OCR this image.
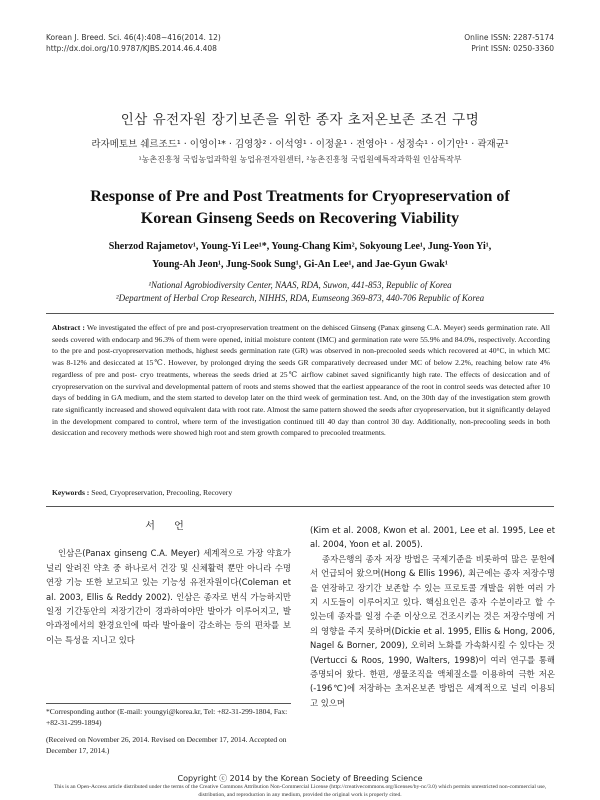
Korean J. Breed. Sci. 46(4):408~416(2014. 12)
http://dx.doi.org/10.9787/KJBS.2014.46.4.408
Online ISSN: 2287-5174
Print ISSN: 0250-3360
인삼 유전자원 장기보존을 위한 종자 초저온보존 조건 구명
라자메토브 쉐르조드¹ · 이영이¹* · 김영창² · 이석영¹ · 이정윤¹ · 전영아¹ · 성정숙¹ · 이기안¹ · 곽재균¹
¹농촌진흥청 국립농업과학원 농업유전자원센터, ²농촌진흥청 국립원예특작과학원 인삼특작부
Response of Pre and Post Treatments for Cryopreservation of
Korean Ginseng Seeds on Recovering Viability
Sherzod Rajametov¹, Young-Yi Lee¹*, Young-Chang Kim², Sokyoung Lee¹, Jung-Yoon Yi¹,
Young-Ah Jeon¹, Jung-Sook Sung¹, Gi-An Lee¹, and Jae-Gyun Gwak¹
¹National Agrobiodiversity Center, NAAS, RDA, Suwon, 441-853, Republic of Korea
²Department of Herbal Crop Research, NIHHS, RDA, Eumseong 369-873, 440-706 Republic of Korea
Abstract : We investigated the effect of pre and post-cryopreservation treatment on the dehisced Ginseng (Panax ginseng C.A. Meyer) seeds germination rate. All seeds covered with endocarp and 96.3% of them were opened, initial moisture content (IMC) and germination rate were 55.9% and 84.0%, respectively. According to the pre and post-cryopreservation methods, highest seeds germination rate (GR) was observed in non-precooled seeds which recovered at 40°C, in which MC was 8-12% and desiccated at 15℃. However, by prolonged drying the seeds GR comparatively decreased under MC of below 2.2%, reaching below rate 4% regardless of pre and post- cryo treatments, whereas the seeds dried at 25℃ airflow cabinet saved significantly high rate. The effects of desiccation and of cryopreservation on the survival and developmental pattern of roots and stems showed that the earliest appearance of the root in control seeds was detected after 10 days of bedding in GA medium, and the stem started to develop later on the third week of germination test. And, on the 30th day of the investigation stem growth rate significantly increased and showed equivalent data with root rate. Almost the same pattern showed the seeds after cryopreservation, but it significantly delayed in the development compared to control, where term of the investigation continued till 40 day than control 30 day. Additionally, non-precooling seeds in both desiccation and recovery methods were showed high root and stem growth compared to precooled treatments.
Keywords : Seed, Cryopreservation, Precooling, Recovery
서 언

인삼은(Panax ginseng C.A. Meyer) 세계적으로 가장 약효가 널리 알려진 약초 중 하나로서 건강 및 신체활력 뿐만 아니라 수명연장 기능 또한 보고되고 있는 기능성 유전자원이다(Coleman et al. 2003, Ellis & Reddy 2002). 인삼은 종자로 번식 가능하지만 일정 기간동안의 저장기간이 경과하여야만 발아가 이루어지고, 발아과정에서의 환경요인에 따라 발아율이 감소하는 등의 편차를 보이는 특성을 지니고 있다

*Corresponding author (E-mail: youngyi@korea.kr, Tel: +82-31-299-1804, Fax: +82-31-299-1894)
(Received on November 26, 2014. Revised on December 17, 2014. Accepted on December 17, 2014.)

(Kim et al. 2008, Kwon et al. 2001, Lee et al. 1995, Lee et al. 2004, Yoon et al. 2005).

종자은행의 종자 저장 방법은 국제기준을 비롯하여 많은 문헌에서 언급되어 왔으며(Hong & Ellis 1996), 최근에는 종자 저장수명을 연장하고 장기간 보존할 수 있는 프로토콜 개발을 위한 여러 가지 시도들이 이루어지고 있다. 핵심요인은 종자 수분이라고 할 수 있는데 종자를 일정 수준 이상으로 건조시키는 것은 저장수명에 거의 영향을 주지 못하며(Dickie et al. 1995, Ellis & Hong, 2006, Nagel & Borner, 2009), 오히려 노화를 가속화시킬 수 있다는 것(Vertucci & Roos, 1990, Walters, 1998)이 여러 연구를 통해 증명되어 왔다. 한편, 생물조직을 액체질소를 이용하여 극한 저온(-196℃)에 저장하는 초저온보존 방법은 세계적으로 널리 이용되고 있으며

Copyright ⓒ 2014 by the Korean Society of Breeding Science
This is an Open-Access article distributed under the terms of the Creative Commons Attribution Non-Commercial License (http://creativecommons.org/licenses/by-nc/3.0) which permits unrestricted non-commercial use, distribution, and reproduction in any medium, provided the original work is properly cited.
